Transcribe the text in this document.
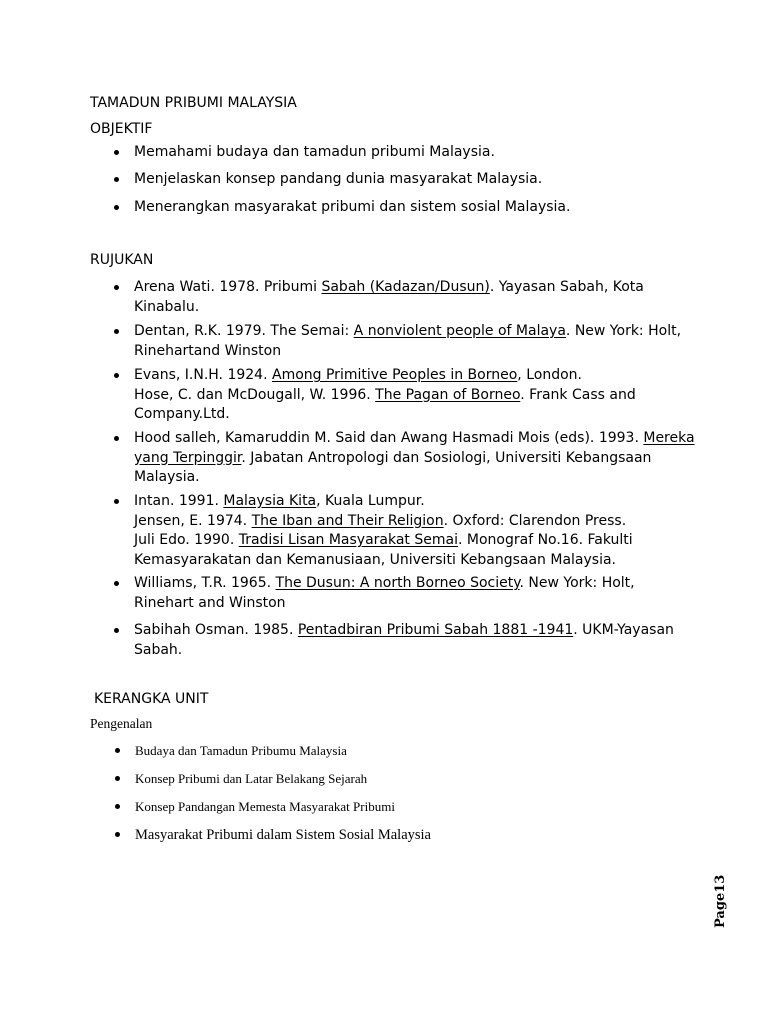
TAMADUN PRIBUMI MALAYSIA
OBJEKTIF
Memahami budaya dan tamadun pribumi Malaysia.
Menjelaskan konsep pandang dunia masyarakat Malaysia.
Menerangkan masyarakat pribumi dan sistem sosial Malaysia.
RUJUKAN
Arena Wati. 1978. Pribumi Sabah (Kadazan/Dusun). Yayasan Sabah, Kota
Kinabalu.
Dentan, R.K. 1979. The Semai: A nonviolent people of Malaya. New York: Holt,
Rinehartand Winston
Evans, I.N.H. 1924. Among Primitive Peoples in Borneo, London.
Hose, C. dan McDougall, W. 1996. The Pagan of Borneo. Frank Cass and
Company.Ltd.
Hood salleh, Kamaruddin M. Said dan Awang Hasmadi Mois (eds). 1993. Mereka
yang Terpinggir. Jabatan Antropologi dan Sosiologi, Universiti Kebangsaan
Malaysia.
Intan. 1991. Malaysia Kita, Kuala Lumpur.
Jensen, E. 1974. The Iban and Their Religion. Oxford: Clarendon Press.
Juli Edo. 1990. Tradisi Lisan Masyarakat Semai. Monograf No.16. Fakulti
Kemasyarakatan dan Kemanusiaan, Universiti Kebangsaan Malaysia.
Williams, T.R. 1965. The Dusun: A north Borneo Society. New York: Holt,
Rinehart and Winston
Sabihah Osman. 1985. Pentadbiran Pribumi Sabah 1881 -1941. UKM-Yayasan
Sabah.
KERANGKA UNIT
Pengenalan
Budaya dan Tamadun Pribumu Malaysia
Konsep Pribumi dan Latar Belakang Sejarah
Konsep Pandangan Memesta Masyarakat Pribumi
Masyarakat Pribumi dalam Sistem Sosial Malaysia
Page13
